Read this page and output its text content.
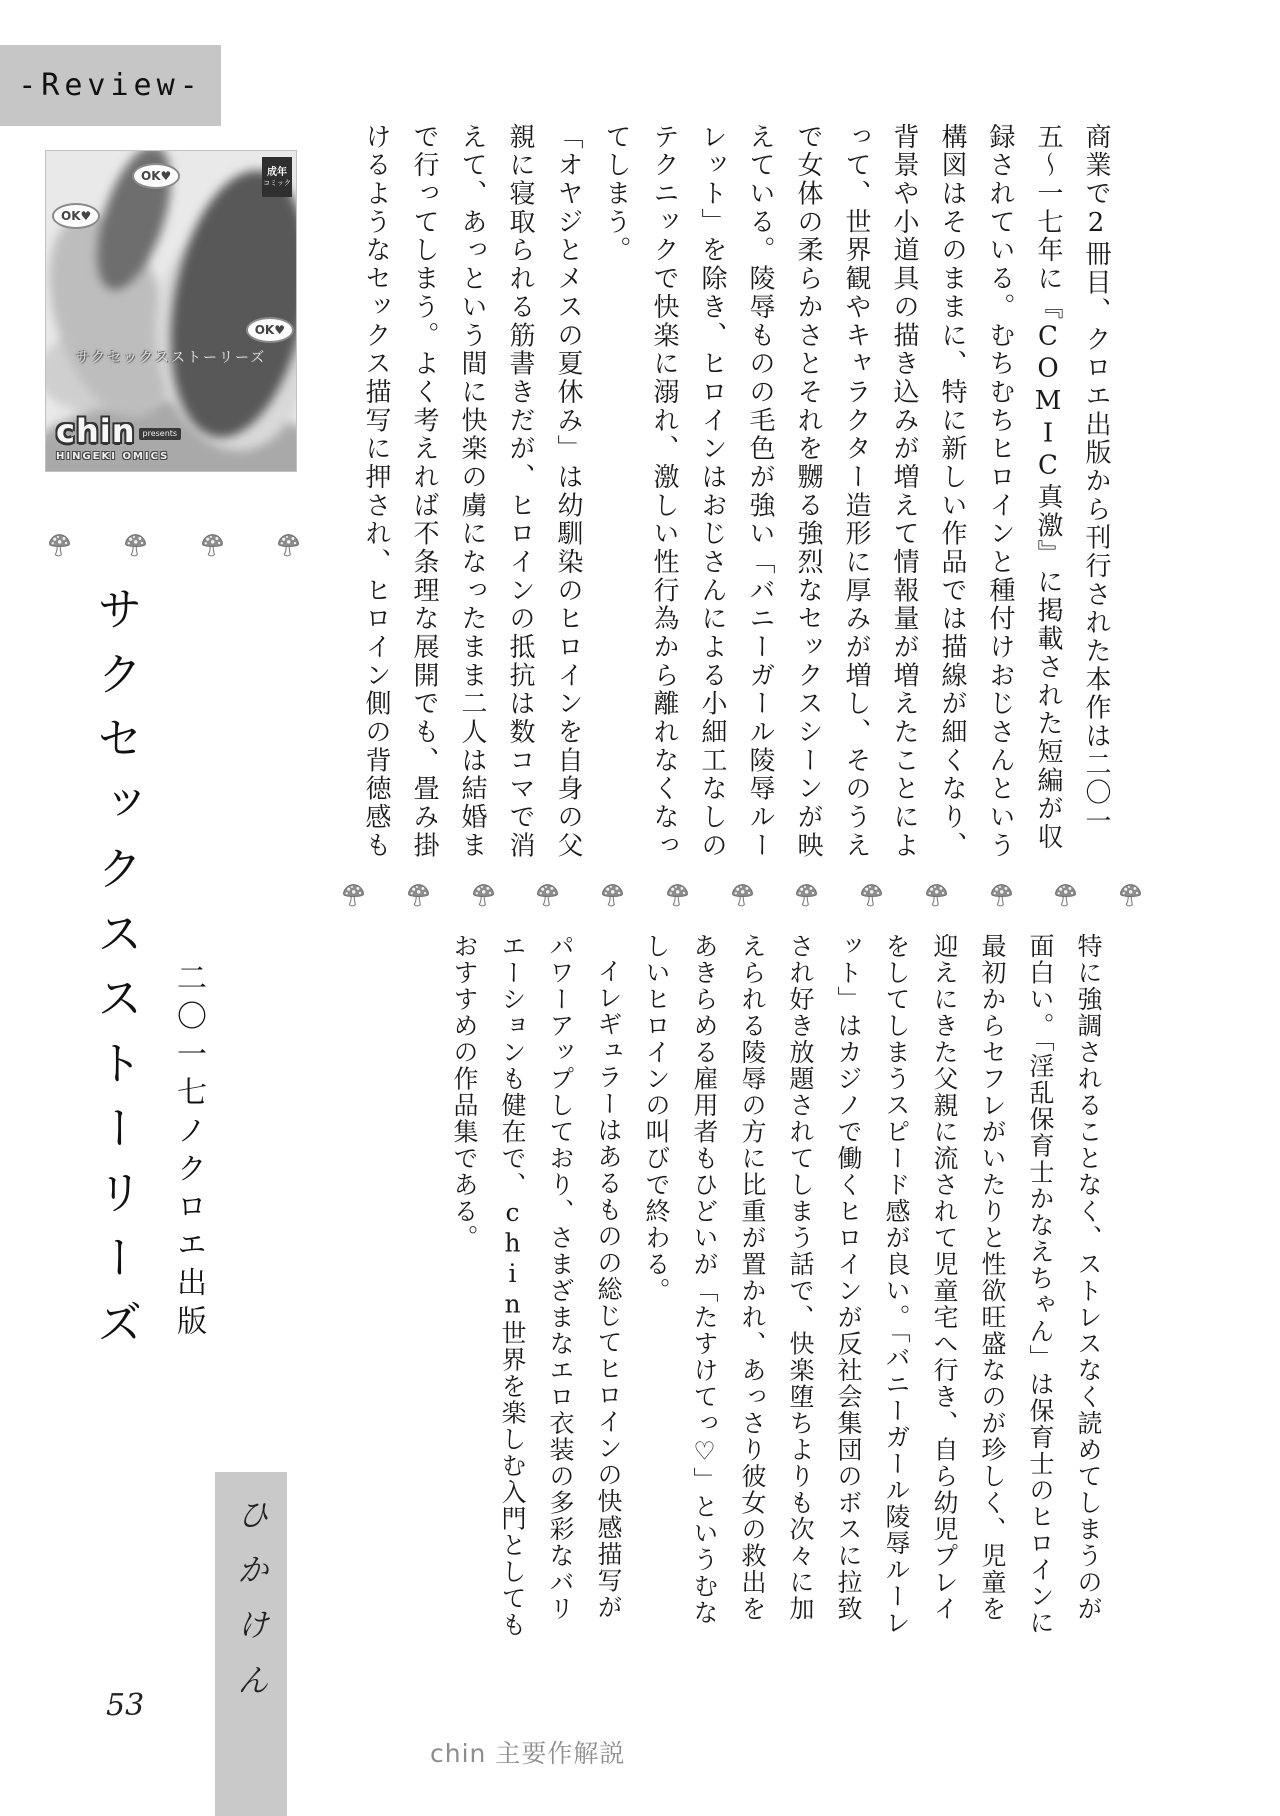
-Review-
成年
コミック
OK♥
OK♥
OK♥
サクセックスストーリーズ
chin presents
HINGEKI OMICS	商業で2冊目、クロエ出版から刊行された本作は二〇一五〜一七年に『COMIC真激』に掲載された短編が収録されている。むちむちヒロインと種付けおじさんという構図はそのままに、特に新しい作品では描線が細くなり、背景や小道具の描き込みが増えて情報量が増えたことによって、世界観やキャラクター造形に厚みが増し、そのうえで女体の柔らかさとそれを嬲る強烈なセックスシーンが映えている。陵辱ものの毛色が強い「バニーガール陵辱ルーレット」を除き、ヒロインはおじさんによる小細工なしのテクニックで快楽に溺れ、激しい性行為から離れなくなってしまう。

「オヤジとメスの夏休み」は幼馴染のヒロインを自身の父親に寝取られる筋書きだが、ヒロインの抵抗は数コマで消えて、あっという間に快楽の虜になったまま二人は結婚まで行ってしまう。よく考えれば不条理な展開でも、畳み掛けるようなセックス描写に押され、ヒロイン側の背徳感も

特に強調されることなく、ストレスなく読めてしまうのが面白い。「淫乱保育士かなえちゃん」は保育士のヒロインに最初からセフレがいたりと性欲旺盛なのが珍しく、児童を迎えにきた父親に流されて児童宅へ行き、自ら幼児プレイをしてしまうスピード感が良い。「バニーガール陵辱ルーレット」はカジノで働くヒロインが反社会集団のボスに拉致され好き放題されてしまう話で、快楽堕ちよりも次々に加えられる陵辱の方に比重が置かれ、あっさり彼女の救出をあきらめる雇用者もひどいが「たすけてっ♡」というむなしいヒロインの叫びで終わる。

イレギュラーはあるものの総じてヒロインの快感描写がパワーアップしており、さまざまなエロ衣装の多彩なバリエーションも健在で、chin世界を楽しむ入門としてもおすすめの作品集である。

サクセックスストーリーズ 二〇一七ノクロエ出版
ひかけん
53
chin 主要作解説
